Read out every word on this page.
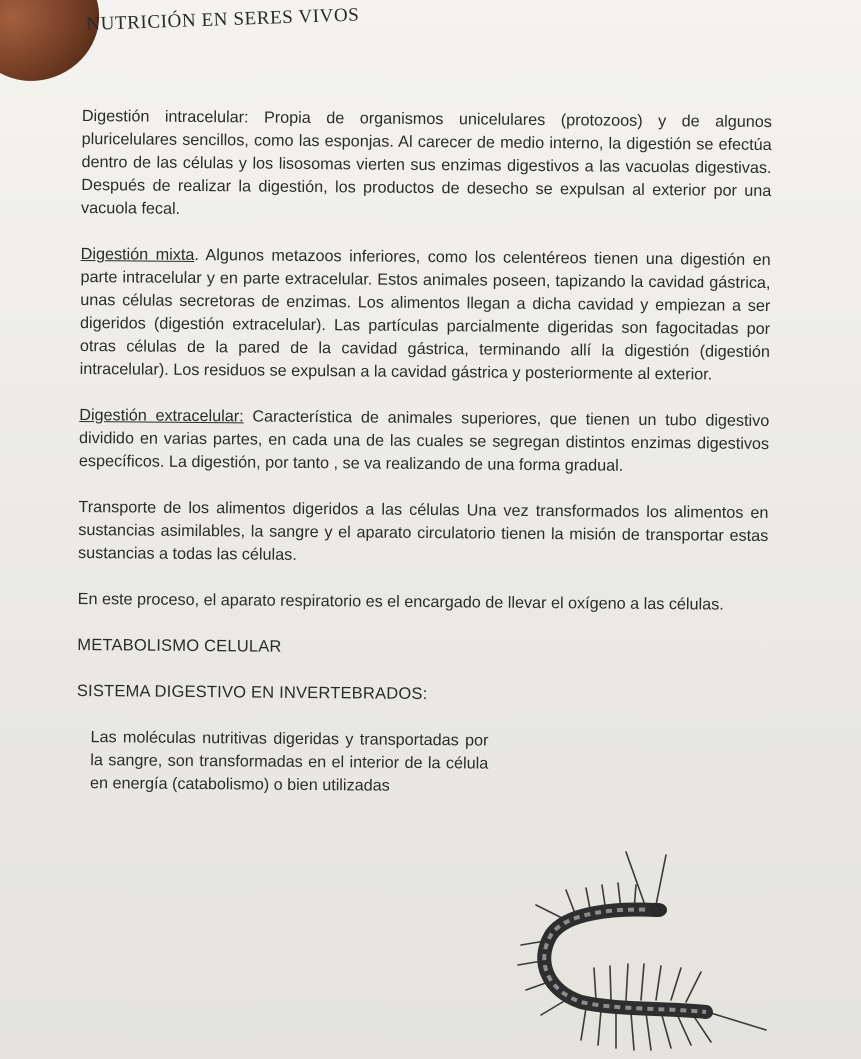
NUTRICIÓN EN SERES VIVOS

Digestión intracelular: Propia de organismos unicelulares (protozoos) y de algunos pluricelulares sencillos, como las esponjas. Al carecer de medio interno, la digestión se efectúa dentro de las células y los lisosomas vierten sus enzimas digestivos a las vacuolas digestivas. Después de realizar la digestión, los productos de desecho se expulsan al exterior por una vacuola fecal.

Digestión mixta. Algunos metazoos inferiores, como los celentéreos tienen una digestión en parte intracelular y en parte extracelular. Estos animales poseen, tapizando la cavidad gástrica, unas células secretoras de enzimas. Los alimentos llegan a dicha cavidad y empiezan a ser digeridos (digestión extracelular). Las partículas parcialmente digeridas son fagocitadas por otras células de la pared de la cavidad gástrica, terminando allí la digestión (digestión intracelular). Los residuos se expulsan a la cavidad gástrica y posteriormente al exterior.

Digestión extracelular: Característica de animales superiores, que tienen un tubo digestivo dividido en varias partes, en cada una de las cuales se segregan distintos enzimas digestivos específicos. La digestión, por tanto , se va realizando de una forma gradual.

Transporte de los alimentos digeridos a las células Una vez transformados los alimentos en sustancias asimilables, la sangre y el aparato circulatorio tienen la misión de transportar estas sustancias a todas las células.

En este proceso, el aparato respiratorio es el encargado de llevar el oxígeno a las células.

METABOLISMO CELULAR
SISTEMA DIGESTIVO EN INVERTEBRADOS:

Las moléculas nutritivas digeridas y transportadas por la sangre, son transformadas en el interior de la célula en energía (catabolismo) o bien utilizadas
